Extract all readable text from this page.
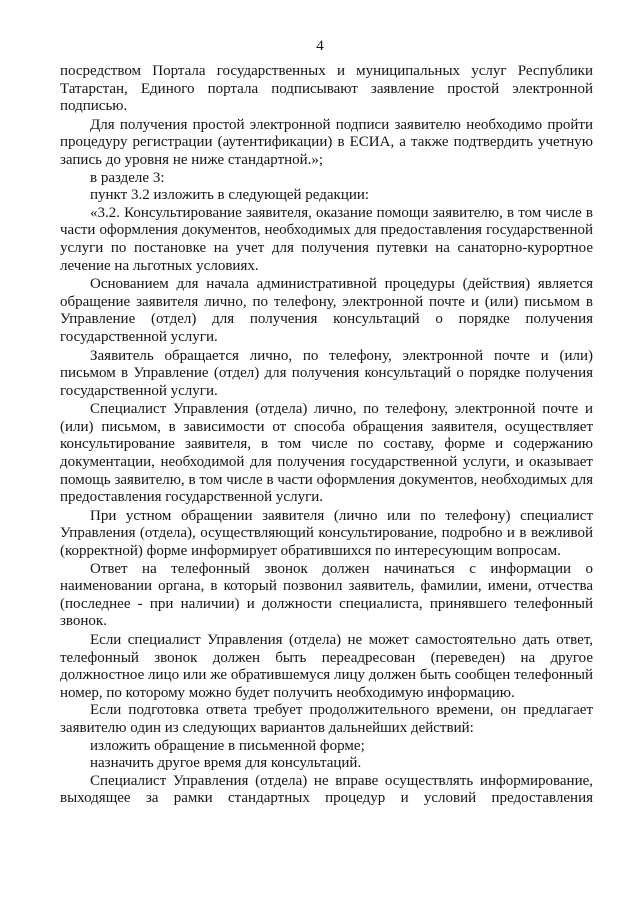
4

посредством Портала государственных и муниципальных услуг Республики Татарстан, Единого портала подписывают заявление простой электронной подписью.

Для получения простой электронной подписи заявителю необходимо пройти процедуру регистрации (аутентификации) в ЕСИА, а также подтвердить учетную запись до уровня не ниже стандартной.»;

в разделе 3:

пункт 3.2 изложить в следующей редакции:

«3.2. Консультирование заявителя, оказание помощи заявителю, в том числе в части оформления документов, необходимых для предоставления государственной услуги по постановке на учет для получения путевки на санаторно-курортное лечение на льготных условиях.

Основанием для начала административной процедуры (действия) является обращение заявителя лично, по телефону, электронной почте и (или) письмом в Управление (отдел) для получения консультаций о порядке получения государственной услуги.

Заявитель обращается лично, по телефону, электронной почте и (или) письмом в Управление (отдел) для получения консультаций о порядке получения государственной услуги.

Специалист Управления (отдела) лично, по телефону, электронной почте и (или) письмом, в зависимости от способа обращения заявителя, осуществляет консультирование заявителя, в том числе по составу, форме и содержанию документации, необходимой для получения государственной услуги, и оказывает помощь заявителю, в том числе в части оформления документов, необходимых для предоставления государственной услуги.

При устном обращении заявителя (лично или по телефону) специалист Управления (отдела), осуществляющий консультирование, подробно и в вежливой (корректной) форме информирует обратившихся по интересующим вопросам.

Ответ на телефонный звонок должен начинаться с информации о наименовании органа, в который позвонил заявитель, фамилии, имени, отчества (последнее - при наличии) и должности специалиста, принявшего телефонный звонок.

Если специалист Управления (отдела) не может самостоятельно дать ответ, телефонный звонок должен быть переадресован (переведен) на другое должностное лицо или же обратившемуся лицу должен быть сообщен телефонный номер, по которому можно будет получить необходимую информацию.

Если подготовка ответа требует продолжительного времени, он предлагает заявителю один из следующих вариантов дальнейших действий:

изложить обращение в письменной форме;

назначить другое время для консультаций.

Специалист Управления (отдела) не вправе осуществлять информирование, выходящее за рамки стандартных процедур и условий предоставления
